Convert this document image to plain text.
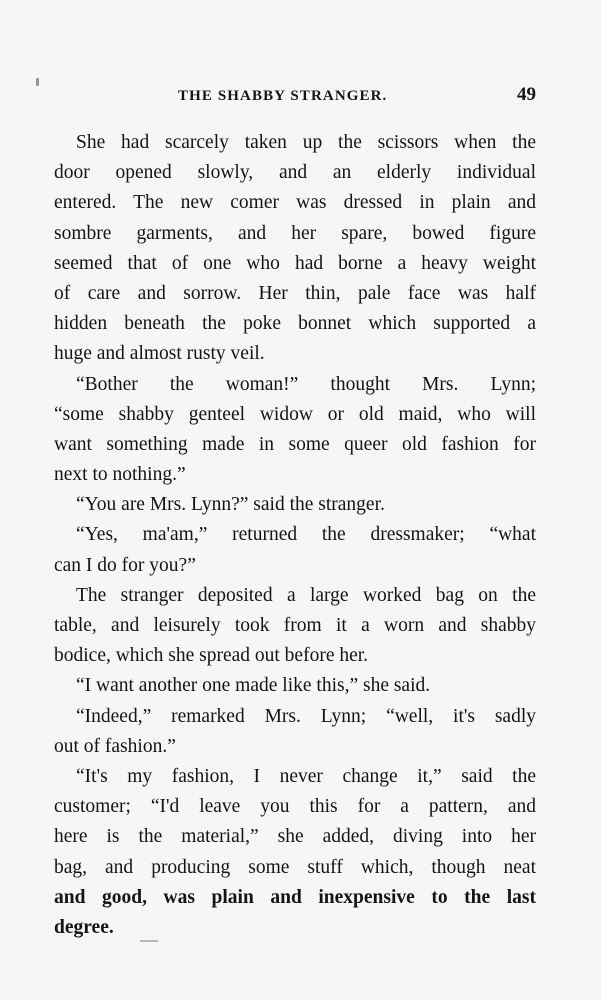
THE SHABBY STRANGER.	49
She had scarcely taken up the scissors when the
door opened slowly, and an elderly individual
entered. The new comer was dressed in plain and
sombre garments, and her spare, bowed figure
seemed that of one who had borne a heavy weight
of care and sorrow. Her thin, pale face was half
hidden beneath the poke bonnet which supported a
huge and almost rusty veil.
“Bother the woman!” thought Mrs. Lynn;
“some shabby genteel widow or old maid, who will
want something made in some queer old fashion for
next to nothing.”
“You are Mrs. Lynn?” said the stranger.
“Yes, ma'am,” returned the dressmaker; “what
can I do for you?”
The stranger deposited a large worked bag on the
table, and leisurely took from it a worn and shabby
bodice, which she spread out before her.
“I want another one made like this,” she said.
“Indeed,” remarked Mrs. Lynn; “well, it's sadly
out of fashion.”
“It's my fashion, I never change it,” said the
customer; “I'd leave you this for a pattern, and
here is the material,” she added, diving into her
bag, and producing some stuff which, though neat
and good, was plain and inexpensive to the last
degree.
